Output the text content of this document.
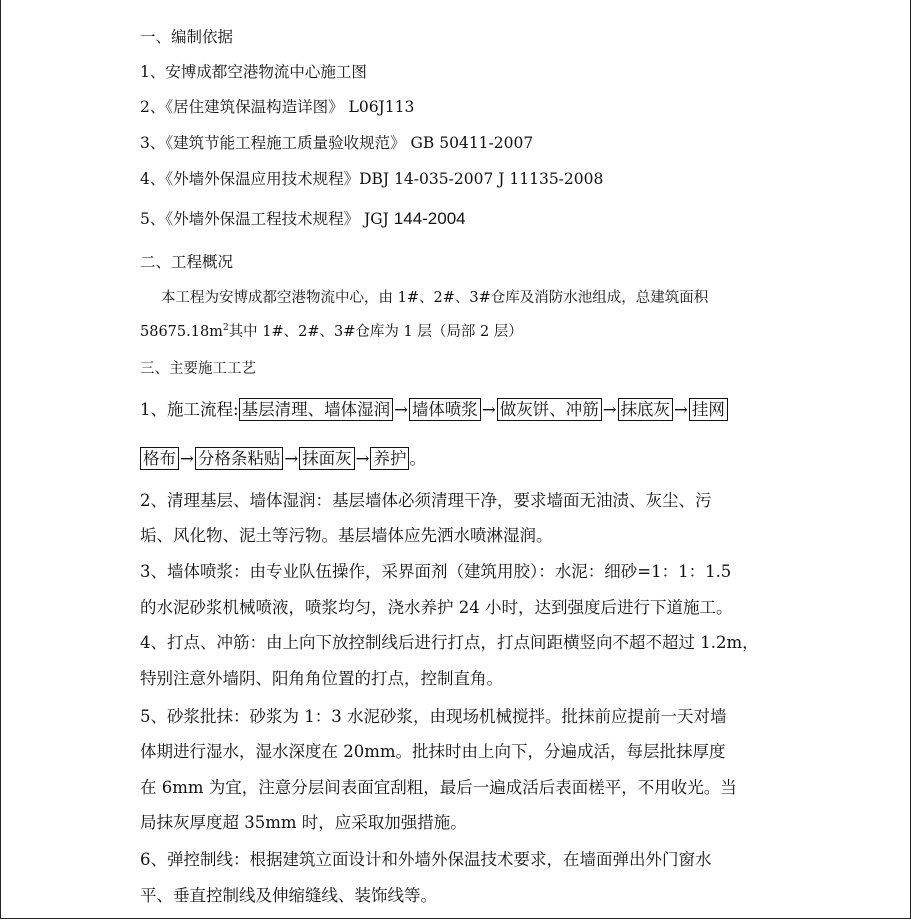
一、编制依据
1、安博成都空港物流中心施工图
2、《居住建筑保温构造详图》 L06J113
3、《建筑节能工程施工质量验收规范》 GB 50411-2007
4、《外墙外保温应用技术规程》DBJ 14-035-2007 J 11135-2008
5、《外墙外保温工程技术规程》 JGJ 144-2004
二、工程概况
本工程为安博成都空港物流中心，由 1#、2#、3#仓库及消防水池组成，总建筑面积
$58675.18m^2$其中 1#、2#、3#仓库为 1 层（局部 2 层）
三、主要施工工艺
1、施工流程: 基层清理、墙体湿润 → 墙体喷浆 → 做灰饼、冲筋 → 抹底灰 → 挂网
格布 → 分格条粘贴 → 抹面灰 → 养护 。
2、清理基层、墙体湿润：基层墙体必须清理干净，要求墙面无油渍、灰尘、污
垢、风化物、泥土等污物。基层墙体应先洒水喷淋湿润。
3、墙体喷浆：由专业队伍操作，采界面剂（建筑用胶）：水泥：细砂=1：1：1.5
的水泥砂浆机械喷液，喷浆均匀，浇水养护 24 小时，达到强度后进行下道施工。
4、打点、冲筋：由上向下放控制线后进行打点，打点间距横竖向不超不超过 1.2m，
特别注意外墙阴、阳角角位置的打点，控制直角。
5、砂浆批抹：砂浆为 1：3 水泥砂浆，由现场机械搅拌。批抹前应提前一天对墙
体期进行湿水，湿水深度在 20mm。批抹时由上向下，分遍成活，每层批抹厚度
在 6mm 为宜，注意分层间表面宜刮粗，最后一遍成活后表面槎平，不用收光。当
局抹灰厚度超 35mm 时，应采取加强措施。
6、弹控制线：根据建筑立面设计和外墙外保温技术要求，在墙面弹出外门窗水
平、垂直控制线及伸缩缝线、装饰线等。
